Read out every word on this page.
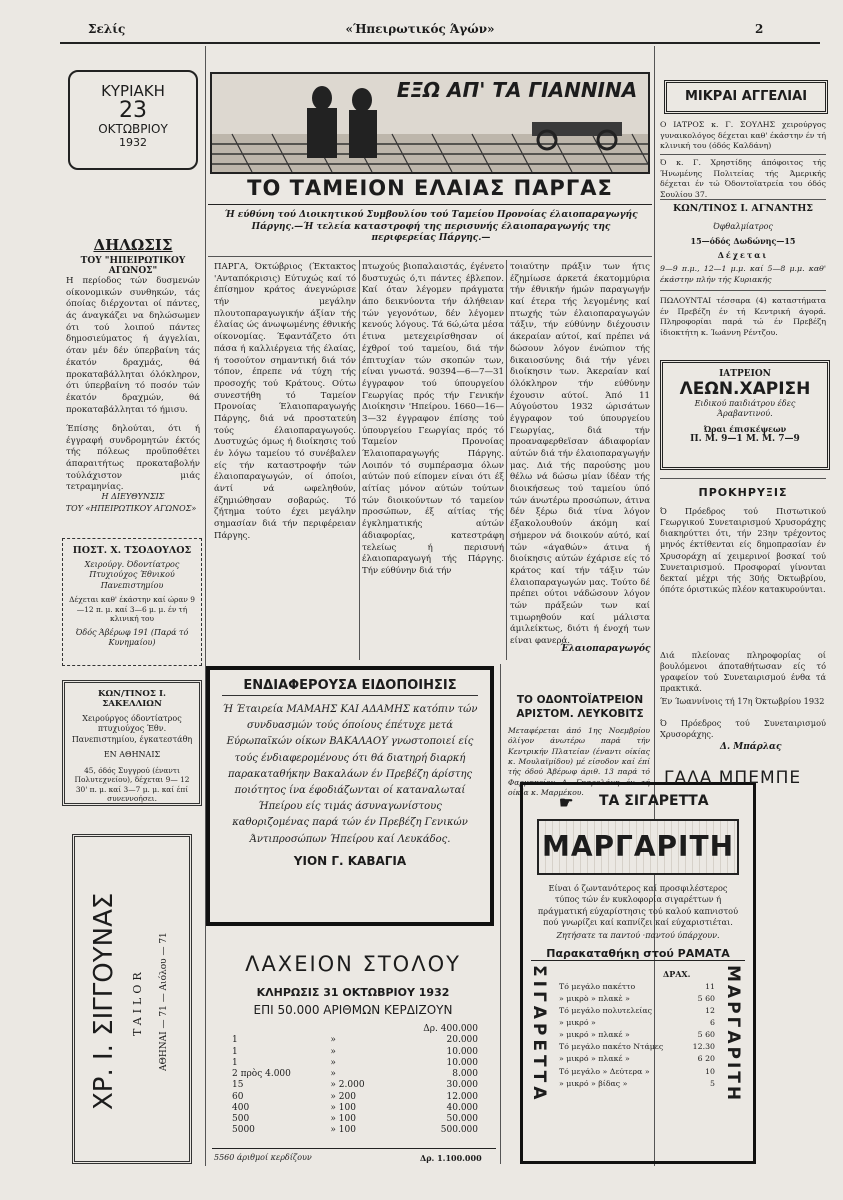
Σελίς	«Ήπειρωτικός Άγών»	2
ΚΥΡΙΑΚΗ
23
ΟΚΤΩΒΡΙΟΥ
1932
ΔΗΛΩΣΙΣ
ΤΟΥ "ΗΠΕΙΡΩΤΙΚΟΥ ΑΓΩΝΟΣ"
Η περίοδος τών δυσμενών οίκονομικών συνθηκών, τάς όποίας διέρχονται οί πάντες, άς άναγκάζει να δηλώσωμεν ότι τού λοιπού πάντες δημοσιεύματος ή άγγελίαι, όταν μέν δέν ύπερβαίνη τάς έκατόν δραχμάς, θά προκαταβάλληται όλόκληρον, ότι ύπερβαίνη τό ποσόν τών έκατόν δραχμών, θά προκαταβάλληται τό ήμισυ.
Έπίσης δηλούται, ότι ή έγγραφή συνδρομητών έκτός τής πόλεως προϋποθέτει άπαραιτήτως προκαταβολήν τούλάχιστον μιάς τετραμηνίας.
Η ΔΙΕΥΘΥΝΣΙΣ
ΤΟΥ «ΗΠΕΙΡΩΤΙΚΟΥ ΑΓΩΝΟΣ»
ΠΟΣΤ. Χ. ΤΣΟΔΟΥΛΟΣ
Χειρούργ. Όδοντίατρος Πτυχιούχος Έθνικού Πανεπιστημίου
Δέχεται καθ' έκάστην καί ώραν 9—12 π. μ. καί 3—6 μ. μ. έν τή κλινική του
Όδός Άβέρωφ 191 (Παρά τό Κυνημαίου)
ΚΩΝ/ΤΙΝΟΣ Ι. ΣΑΚΕΛΛΙΩΝ
Χειρούργος όδοντίατρος πτυχιούχος Έθν. Πανεπιστημίου, έγκατεστάθη
ΕΝ ΑΘΗΝΑΙΣ
45, όδός Συγγρού (έναντι Πολυτεχνείου), δέχεται 9— 12 30' π. μ. καί 3—7 μ. μ. καί έπί συνεννοήσει.
ΧΡ. Ι. ΣΙΓΓΟΥΝΑΣ TAILOR ΑΘΗΝΑΙ — 71 — Αιόλου — 71
ΕΞΩ ΑΠ' ΤΑ ΓΙΑΝΝΙΝΑ
ΤΟ ΤΑΜΕΙΟΝ ΕΛΑΙΑΣ ΠΑΡΓΑΣ
Ή εύθύνη τού Διοικητικού Συμβουλίου τού Ταμείου Προνοίας έλαιοπαραγωγής Πάργης.—Ή τελεία καταστροφή της περισυνής έλαιοπαραγωγής της περιφερείας Πάργης.—
ΠΑΡΓΑ, Όκτώβριος (Έκτακτος 'Ανταπόκρισις) Εύτυχώς καί τό έπίσημον κράτος άνεγνώρισε τήν μεγάλην πλουτοπαραγωγικήν άξίαν τής έλαίας ώς άνωψωμένης έθνικής οίκονομίας. Έφαντάζετο ότι πάσα ή καλλιέργεια τής έλαίας, ή τοσούτον σημαντική διά τόν τόπον, έπρεπε νά τύχη τής προσοχής τού Κράτους. Ούτω συνεστήθη τό Ταμείον Προνοίας Έλαιοπαραγωγής Πάργης, διά νά προστατεύη τούς έλαιοπαραγωγούς. Δυστυχώς όμως ή διοίκησις τού έν λόγω ταμείου τό συνέβαλεν είς τήν καταστροφήν τών έλαιοπαραγωγών, οί όποίοι, άντί νά ωφεληθούν, έζημιώθησαν σοβαρώς. Τό ζήτημα τούτο έχει μεγάλην σημασίαν διά τήν περιφέρειαν Πάργης.
πτωχούς βιοπαλαιστάς, έγένετο δυστυχώς ό,τι πάντες έβλεπον. Καί όταν λέγομεν πράγματα άπο δεικνύοντα τήν άλήθειαν τών γεγονότων, δέν λέγομεν κενούς λόγους. Τά 6ώ,ώτα μέσα έτινα μετεχειρίσθησαν οί έχθροί τού ταμείου, διά τήν έπιτυχίαν τών σκοπών των, είναι γνωστά. 90394—6—7—31 έγγραφον τού ύπουργείου Γεωργίας πρός τήν Γενικήν Διοίκησιν 'Ηπείρου. 1660—16—3—32 έγγραφον έπίσης τού ύπουργείου Γεωργίας πρός τό Ταμείον Προνοίας Έλαιοπαραγωγής Πάργης. Λοιπόν τό συμπέρασμα όλων αύτών πού είπομεν είναι ότι έξ αίτίας μόνον αύτών τούτων τών διοικούντων τό ταμείον προσώπων, έξ αίτίας τής έγκληματικής αύτών άδιαφορίας, κατεστράφη τελείως ή περισυνή έλαιοπαραγωγή τής Πάργης. Τήν εύθύνην διά τήν
τοιαύτην πράξιν των ήτις έζημίωσε άρκετά έκατομμύρια τήν έθνικήν ήμών παραγωγήν καί έτερα τής λεγομένης καί πτωχής τών έλαιοπαραγωγών τάξιν, τήν εύθύνην διέχουσιν άκεραίαν αύτοί, καί πρέπει νά δώσουν λόγον ένώπιον τής δικαιοσύνης διά τήν γένει διοίκησιν των. Άκεραίαν καί όλόκληρον τήν εύθύνην έχουσιν αύτοί. Άπό 11 Αύγούστου 1932 ώρισάτων έγγραφον τού ύπουργείου Γεωργίας, διά τήν προαναφερθεϊσαν άδιαφορίαν αύτών διά τήν έλαιοπαραγωγήν μας. Διά τής παρούσης μου θέλω νά δώσω μίαν ίδέαν τής διοικήσεως τού ταμείου ύπό τών άνωτέρω προσώπων, άτινα δέν ξέρω διά τίνα λόγον έξακολουθούν άκόμη καί σήμερον νά διοικούν αύτό, καί τών «άγαθών» άτινα ή διοίκησις αύτών έχάρισε είς τό κράτος καί τήν τάξιν τών έλαιοπαραγωγών μας. Τούτο δέ πρέπει ούτοι νάδώσουν λόγον τών πράξεών των καί τιμωρηθούν καί μάλιστα άμιλείκτως, διότι ή ένοχή των είναι φανερά.
Έλαιοπαραγωγός
ΕΝΔΙΑΦΕΡΟΥΣΑ ΕΙΔΟΠΟΙΗΣΙΣ
Ή Έταιρεία ΜΑΜΑΗΣ ΚΑΙ ΑΔΑΜΗΣ κατόπιν τών συνδυασμών τούς όποίους έπέτυχε μετά Εύρωπαϊκών οίκων ΒΑΚΑΛΑΟΥ γνωστοποιεί είς τούς ένδιαφερομένους ότι θά διατηρή διαρκή παρακαταθήκην Βακαλάων έν Πρεβέζη άρίστης ποιότητος ίνα έφοδιάζωνται οί καταναλωταί Ήπείρου είς τιμάς άσυναγωνίστους καθοριζομένας παρά τών έν Πρεβέζη Γενικών Άντιπροσώπων Ήπείρου καί Λευκάδος.
ΥΙΟΝ Γ. ΚΑΒΑΓΙΑ
ΛΑΧΕΙΟΝ ΣΤΟΛΟΥ
ΚΛΗΡΩΣΙΣ 31 ΟΚΤΩΒΡΙΟΥ 1932
ΕΠΙ 50.000 ΑΡΙΘΜΩΝ ΚΕΡΔΙΖΟΥΝ
		Δρ. 400.000
1	»	20.000
1	»	10.000
1	»	10.000
2 πρὸς 4.000	»	8.000
15	» 2.000	30.000
60	» 200	12.000
400	» 100	40.000
500	» 100	50.000
5000	» 100	500.000
5560 άριθμοί κερδίζουν	Δρ. 1.100.000
ΤΟ ΟΔΟΝΤΟΪΑΤΡΕΙΟΝ ΑΡΙΣΤΟΜ. ΛΕΥΚΟΒΙΤΣ
Μεταφέρεται άπό 1ης Νοεμβρίου όλίγον άνωτέρω παρά τήν Κεντρικήν Πλατείαν (έναντι οίκίας κ. Μουλαϊμίδου) μέ είσοδον καί έπί τής όδού Άβέρωφ άριθ. 13 παρά τό Φαρμακείον Λ. Γκαρολάνη έν τή οίκία κ. Μαρμέκου.
☛ ΤΑ ΣΙΓΑΡΕΤΤΑ
ΜΑΡΓΑΡΙΤΗ
Είναι ό ζωντανότερος καί προσφιλέστερος τύπος τών έν κυκλοφορία σιγαρέττων ή πράγματική εύχαρίστησις τού καλού καπνιστού πού γνωρίζει καί καπνίζει καί εύχαριστιέται.
Ζητήσατε τα παντού ·παντού ύπάρχουν.
Παρακαταθήκη στού ΡΑΜΑΤΑ
ΣΙΓΑΡΕΤΤΑ	ΜΑΡΓΑΡΙΤΗ
ΔΡΑΧ.
Τό μεγάλο πακέττο	11
» μικρὸ » πλακὲ »	5 60
Τό μεγάλο πολυτελείας	12
» μικρό »	6
» μικρό » πλακέ »	5 60
Τό μεγάλο πακέτο Ντάμες	12.30
» μικρό » πλακέ »	6 20
Τό μεγάλο » Δεύτερα »	10
» μικρό » βίδας »	5
ΜΙΚΡΑΙ ΑΓΓΕΛΙΑΙ
Ο ΙΑΤΡΟΣ κ. Γ. ΣΟΥΛΗΣ χειρούργος γυναικολόγος δέχεται καθ' έκάστην έν τή κλινική του (όδός Καλδάνη)
Ό κ. Γ. Χρηστίδης άπόφοιτος τής Ήνωμένης Πολιτείας τής Άμερικής δέχεται έν τώ Όδοντοϊατρεία του όδός Σουλίου 37.
ΚΩΝ/ΤΙΝΟΣ Ι. ΑΓΝΑΝΤΗΣ
Όφθαλμίατρος
15—όδός Δωδώνης—15
Δέχεται
9—9 π.μ., 12—1 μ.μ. καί 5—8 μ.μ. καθ' έκάστην πλήν τής Κυριακής
ΠΩΛΟΥΝΤΑΙ τέσσαρα (4) καταστήματα έν Πρεβέζη έν τή Κεντρική άγορά. Πληροφορίαι παρά τώ έν Πρεβέζη ίδιοκτήτη κ. Ίωάννη Ρέντζου.
ΙΑΤΡΕΙΟΝ
ΛΕΩΝ.ΧΑΡΙΣΗ
Ειδικού παιδιάτρου έδες Άραβαντινού.
Ώραι έπισκέψεων
Π. Μ. 9—1 Μ. Μ. 7—9
ΠΡΟΚΗΡΥΞΙΣ
Ό Πρόεδρος τού Πιστωτικού Γεωργικού Συνεταιρισμού Χρυσοράχης διακηρύττει ότι, τήν 23ην τρέχοντος μηνός έκτίθενται είς δημοπρασίαν έν Χρυσοράχη αί χειμερινοί βοσκαί τού Συνεταιρισμού. Προσφοραί γίνονται δεκταί μέχρι τής 30ής Όκτωβρίου, όπότε όριστικώς πλέον κατακυρούνται.
Διά πλείονας πληροφορίας οί βουλόμενοι άποταθήτωσαν είς τό γραφείον τού Συνεταιρισμού ένθα τά πρακτικά.
Έν Ίωαννίνοις τή 17η Όκτωβρίου 1932
Ό Πρόεδρος τού Συνεταιρισμού Χρυσοράχης.
Δ. Μπάρλας
ΓΑΛΑ ΜΠΕΜΠΕ
